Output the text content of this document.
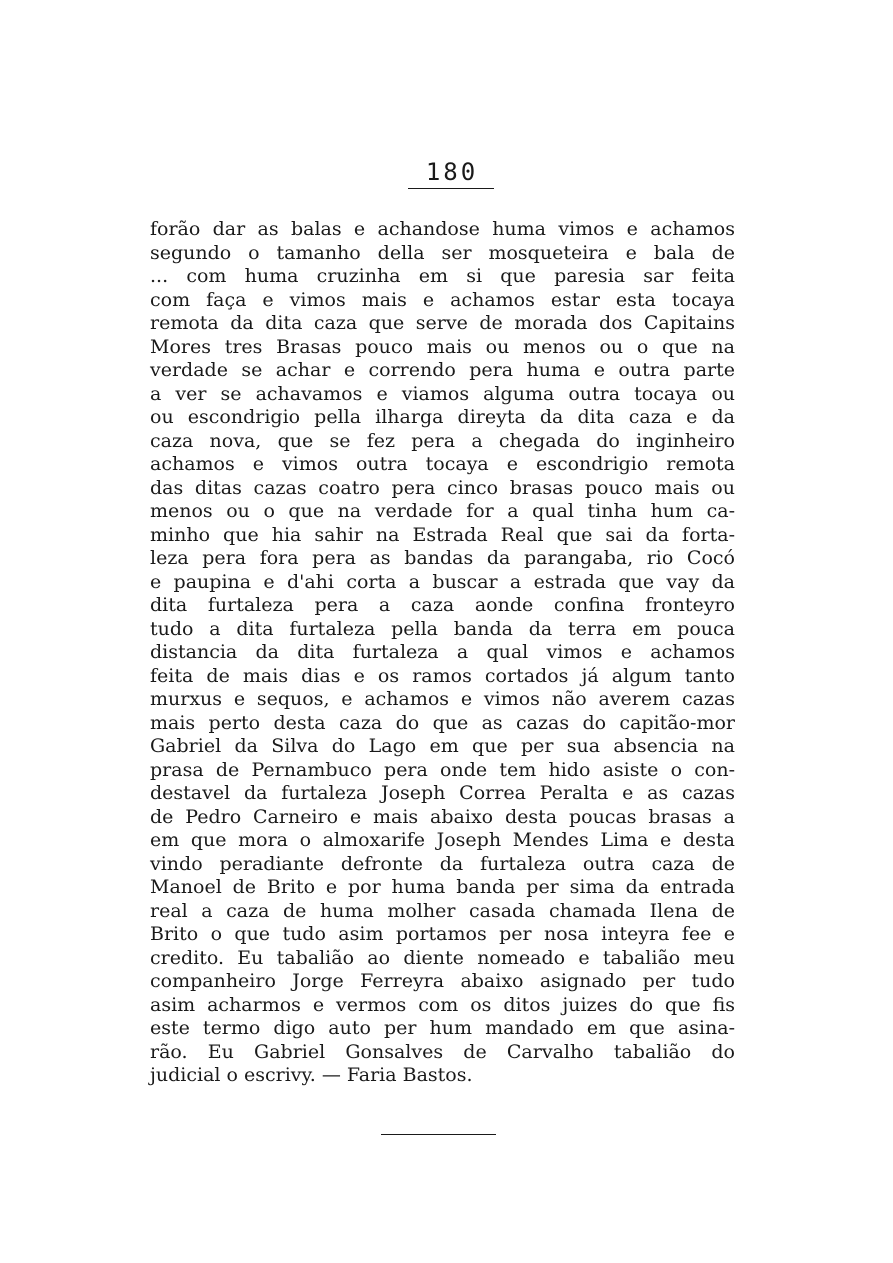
180
forão dar as balas e achandose huma vimos e achamos
segundo o tamanho della ser mosqueteira e bala de
... com huma cruzinha em si que paresia sar feita
com faça e vimos mais e achamos estar esta tocaya
remota da dita caza que serve de morada dos Capitains
Mores tres Brasas pouco mais ou menos ou o que na
verdade se achar e correndo pera huma e outra parte
a ver se achavamos e viamos alguma outra tocaya ou
ou escondrigio pella ilharga direyta da dita caza e da
caza nova, que se fez pera a chegada do inginheiro
achamos e vimos outra tocaya e escondrigio remota
das ditas cazas coatro pera cinco brasas pouco mais ou
menos ou o que na verdade for a qual tinha hum ca-
minho que hia sahir na Estrada Real que sai da forta-
leza pera fora pera as bandas da parangaba, rio Cocó
e paupina e d'ahi corta a buscar a estrada que vay da
dita furtaleza pera a caza aonde confina fronteyro
tudo a dita furtaleza pella banda da terra em pouca
distancia da dita furtaleza a qual vimos e achamos
feita de mais dias e os ramos cortados já algum tanto
murxus e sequos, e achamos e vimos não averem cazas
mais perto desta caza do que as cazas do capitão-mor
Gabriel da Silva do Lago em que per sua absencia na
prasa de Pernambuco pera onde tem hido asiste o con-
destavel da furtaleza Joseph Correa Peralta e as cazas
de Pedro Carneiro e mais abaixo desta poucas brasas a
em que mora o almoxarife Joseph Mendes Lima e desta
vindo peradiante defronte da furtaleza outra caza de
Manoel de Brito e por huma banda per sima da entrada
real a caza de huma molher casada chamada Ilena de
Brito o que tudo asim portamos per nosa inteyra fee e
credito. Eu tabalião ao diente nomeado e tabalião meu
companheiro Jorge Ferreyra abaixo asignado per tudo
asim acharmos e vermos com os ditos juizes do que fis
este termo digo auto per hum mandado em que asina-
rão. Eu Gabriel Gonsalves de Carvalho tabalião do
judicial o escrivy. — Faria Bastos.
